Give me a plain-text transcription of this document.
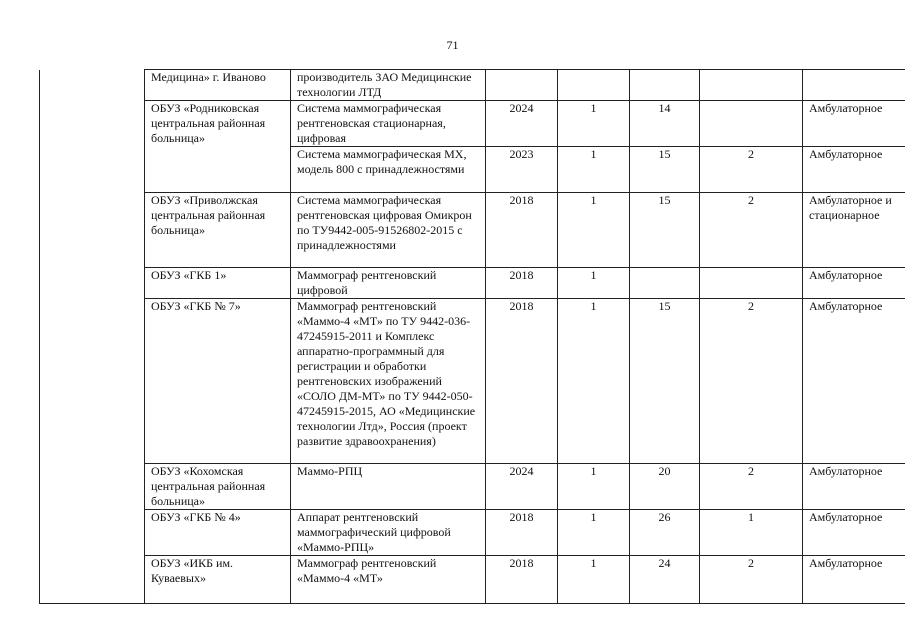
71
	Медицина» г. Иваново	производитель ЗАО Медицинские технологии ЛТД					
	ОБУЗ «Родниковская центральная районная больница»	Система маммографическая рентгеновская стационарная, цифровая	2024	1	14		Амбулаторное
		Система маммографическая МХ, модель 800 с принадлежностями	2023	1	15	2	Амбулаторное
	ОБУЗ «Приволжская центральная районная больница»	Система маммографическая рентгеновская цифровая Омикрон по ТУ9442-005-91526802-2015 с принадлежностями	2018	1	15	2	Амбулаторное и стационарное
	ОБУЗ «ГКБ 1»	Маммограф рентгеновский цифровой	2018	1			Амбулаторное
	ОБУЗ «ГКБ № 7»	Маммограф рентгеновский «Маммо-4 «МТ» по ТУ 9442-036-47245915-2011 и Комплекс аппаратно-программный для регистрации и обработки рентгеновских изображений «СОЛО ДМ-МТ» по ТУ 9442-050-47245915-2015, АО «Медицинские технологии Лтд», Россия (проект развитие здравоохранения)	2018	1	15	2	Амбулаторное
	ОБУЗ «Кохомская центральная районная больница»	Маммо-РПЦ	2024	1	20	2	Амбулаторное
	ОБУЗ «ГКБ № 4»	Аппарат рентгеновский маммографический цифровой «Маммо-РПЦ»	2018	1	26	1	Амбулаторное
	ОБУЗ «ИКБ им. Куваевых»	Маммограф рентгеновский «Маммо-4 «МТ»	2018	1	24	2	Амбулаторное
